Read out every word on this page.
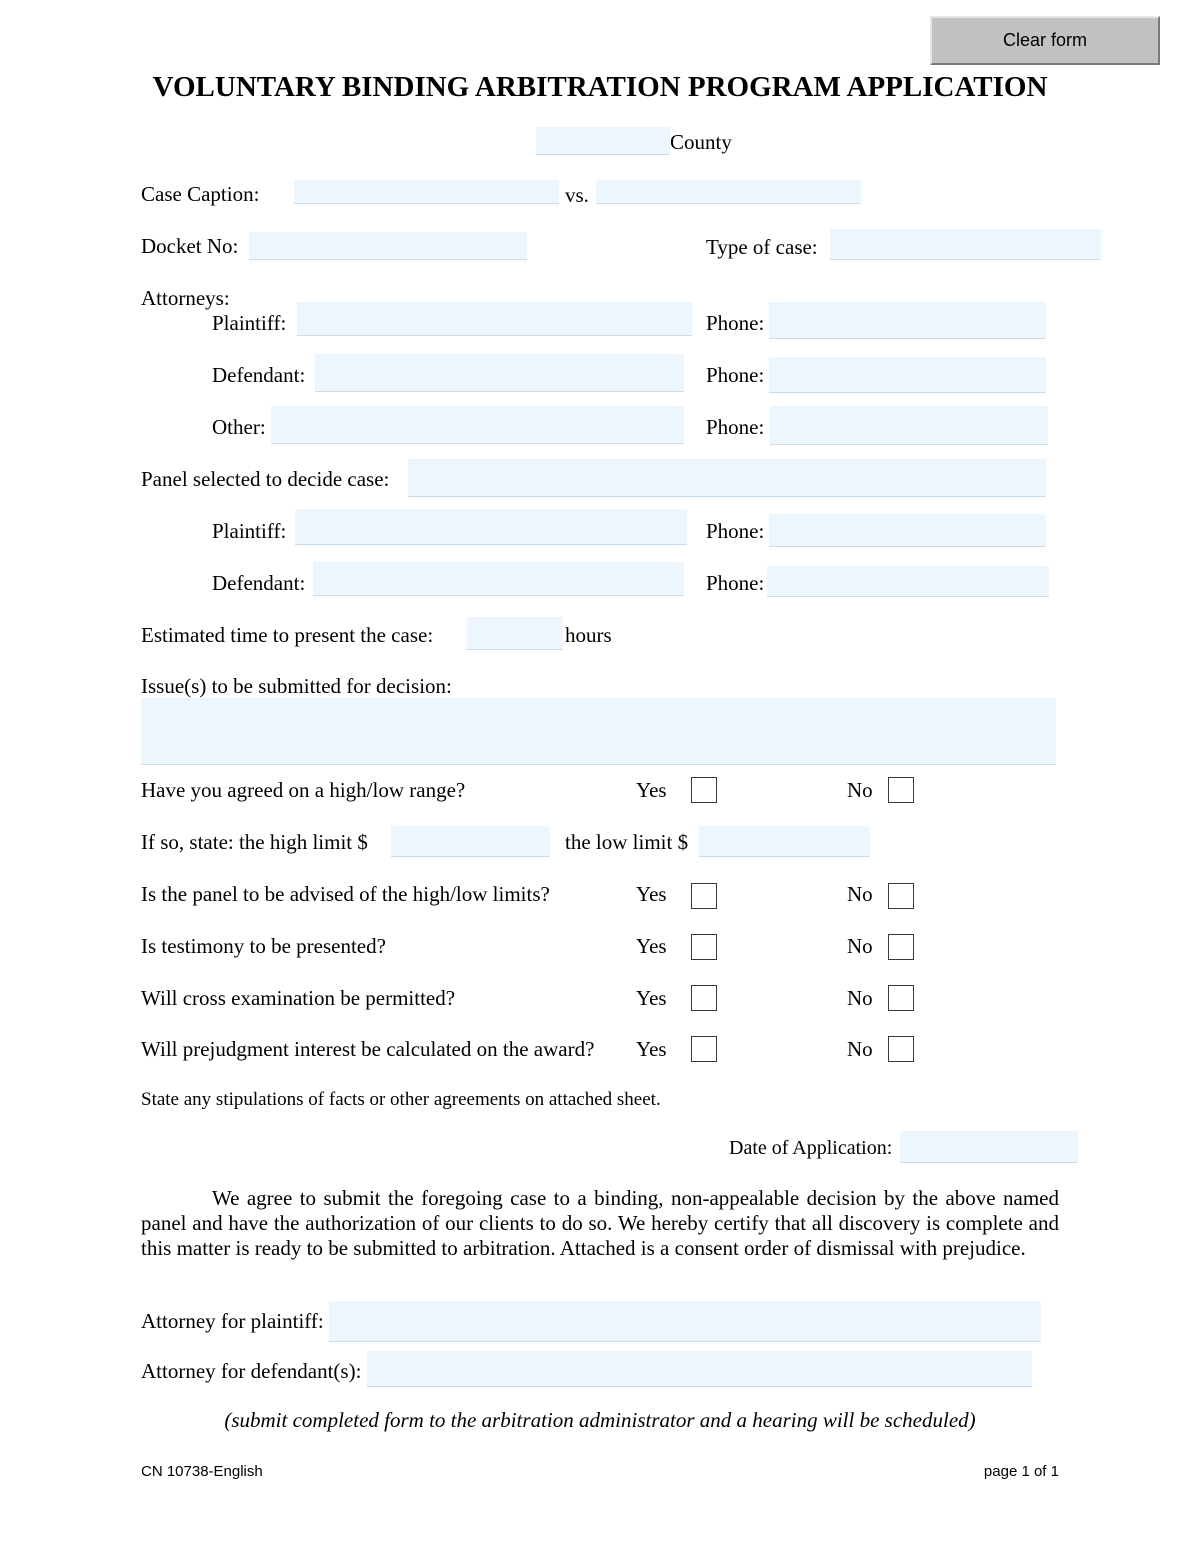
Clear form
VOLUNTARY BINDING ARBITRATION PROGRAM APPLICATION
County
Case Caption:	vs.
Docket No:	Type of case:
Attorneys:
Plaintiff:	Phone:
Defendant:	Phone:
Other:	Phone:
Panel selected to decide case:
Plaintiff:	Phone:
Defendant:	Phone:
Estimated time to present the case:	hours
Issue(s) to be submitted for decision:
Have you agreed on a high/low range?	Yes	No
If so, state: the high limit $	the low limit $
Is the panel to be advised of the high/low limits?	Yes	No
Is testimony to be presented?	Yes	No
Will cross examination be permitted?	Yes	No
Will prejudgment interest be calculated on the award? Yes	No
State any stipulations of facts or other agreements on attached sheet.
Date of Application:
We agree to submit the foregoing case to a binding, non-appealable decision by the above named panel and have the authorization of our clients to do so. We hereby certify that all discovery is complete and this matter is ready to be submitted to arbitration. Attached is a consent order of dismissal with prejudice.
Attorney for plaintiff:
Attorney for defendant(s):
(submit completed form to the arbitration administrator and a hearing will be scheduled)
CN 10738-English	page 1 of 1
